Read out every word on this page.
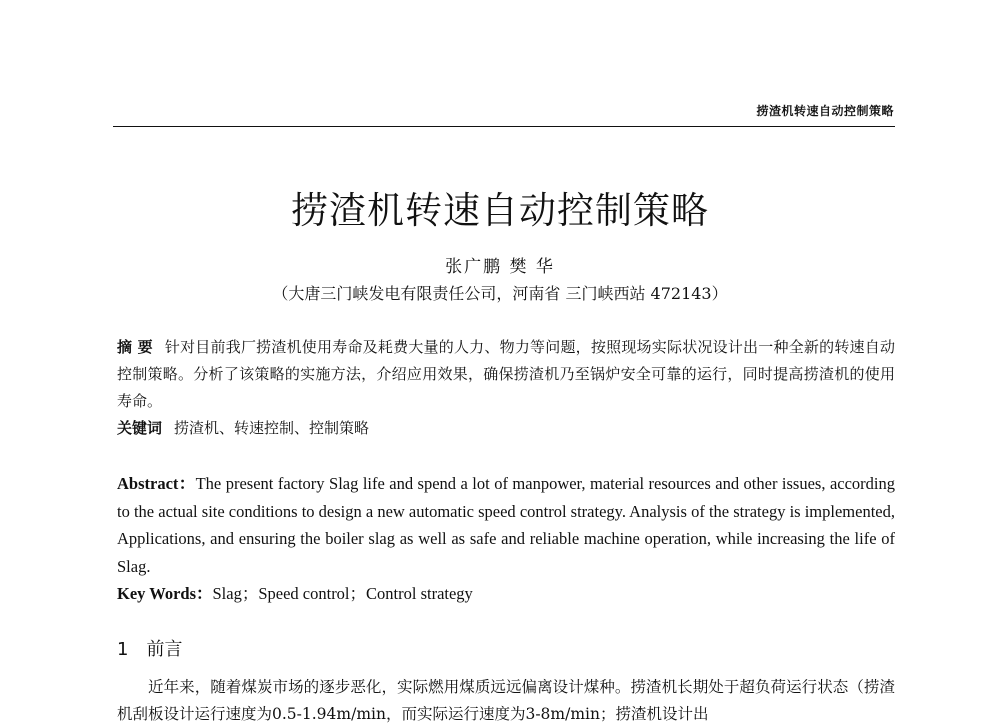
捞渣机转速自动控制策略
捞渣机转速自动控制策略
张广鹏 樊 华
（大唐三门峡发电有限责任公司，河南省 三门峡西站 472143）
摘 要 针对目前我厂捞渣机使用寿命及耗费大量的人力、物力等问题，按照现场实际状况设计出一种全新的转速自动控制策略。分析了该策略的实施方法，介绍应用效果，确保捞渣机乃至锅炉安全可靠的运行，同时提高捞渣机的使用寿命。
关键词 捞渣机、转速控制、控制策略
Abstract：The present factory Slag life and spend a lot of manpower, material resources and other issues, according to the actual site conditions to design a new automatic speed control strategy. Analysis of the strategy is implemented, Applications, and ensuring the boiler slag as well as safe and reliable machine operation, while increasing the life of Slag.
Key Words：Slag；Speed control；Control strategy
1 前言
近年来，随着煤炭市场的逐步恶化，实际燃用煤质远远偏离设计煤种。捞渣机长期处于超负荷运行状态（捞渣机刮板设计运行速度为0.5-1.94m/min，而实际运行速度为3-8m/min；捞渣机设计出
